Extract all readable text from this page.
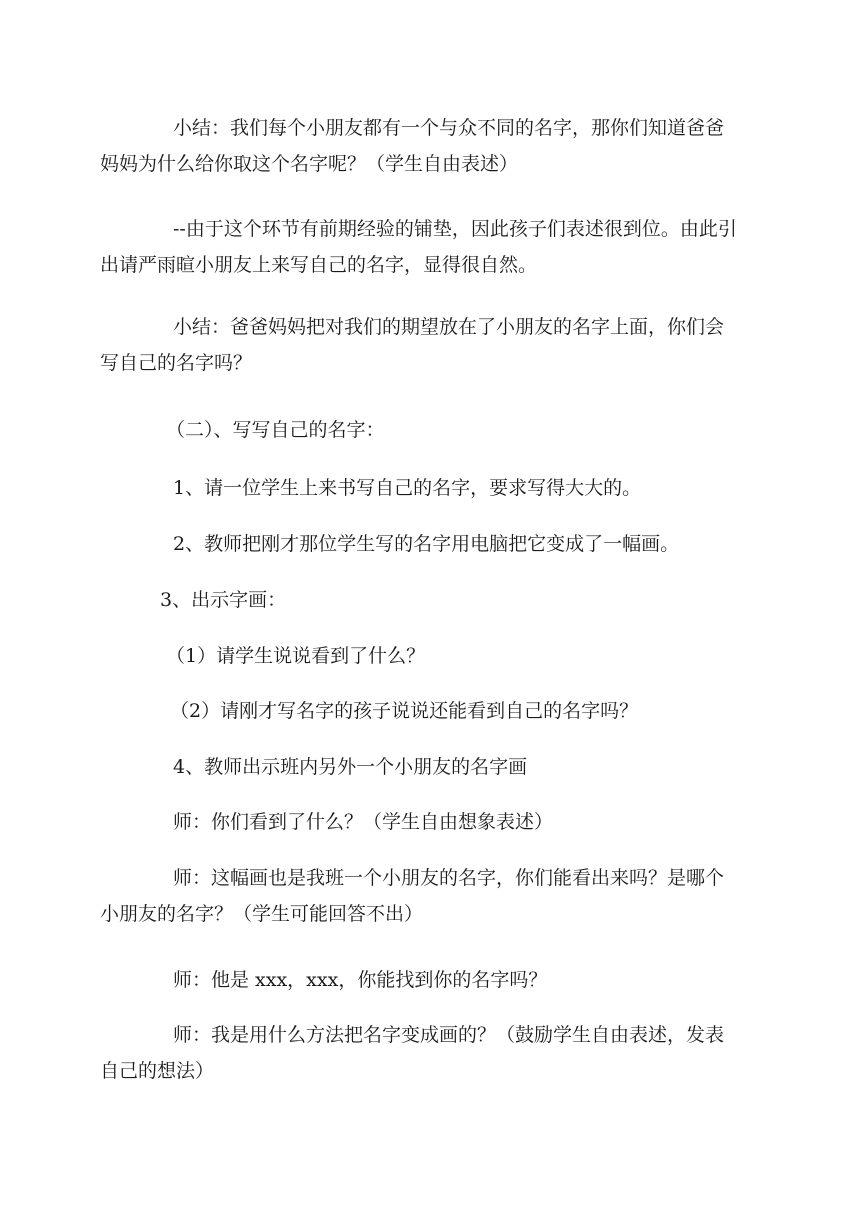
小结：我们每个小朋友都有一个与众不同的名字，那你们知道爸爸妈妈为什么给你取这个名字呢？（学生自由表述）

--由于这个环节有前期经验的铺垫，因此孩子们表述很到位。由此引出请严雨暄小朋友上来写自己的名字，显得很自然。

小结：爸爸妈妈把对我们的期望放在了小朋友的名字上面，你们会写自己的名字吗？

（二）、写写自己的名字：

1、请一位学生上来书写自己的名字，要求写得大大的。

2、教师把刚才那位学生写的名字用电脑把它变成了一幅画。

3、出示字画：

（1）请学生说说看到了什么？

（2）请刚才写名字的孩子说说还能看到自己的名字吗？

4、教师出示班内另外一个小朋友的名字画

师：你们看到了什么？（学生自由想象表述）

师：这幅画也是我班一个小朋友的名字，你们能看出来吗？是哪个小朋友的名字？（学生可能回答不出）

师：他是 xxx，xxx，你能找到你的名字吗？

师：我是用什么方法把名字变成画的？（鼓励学生自由表述，发表自己的想法）
